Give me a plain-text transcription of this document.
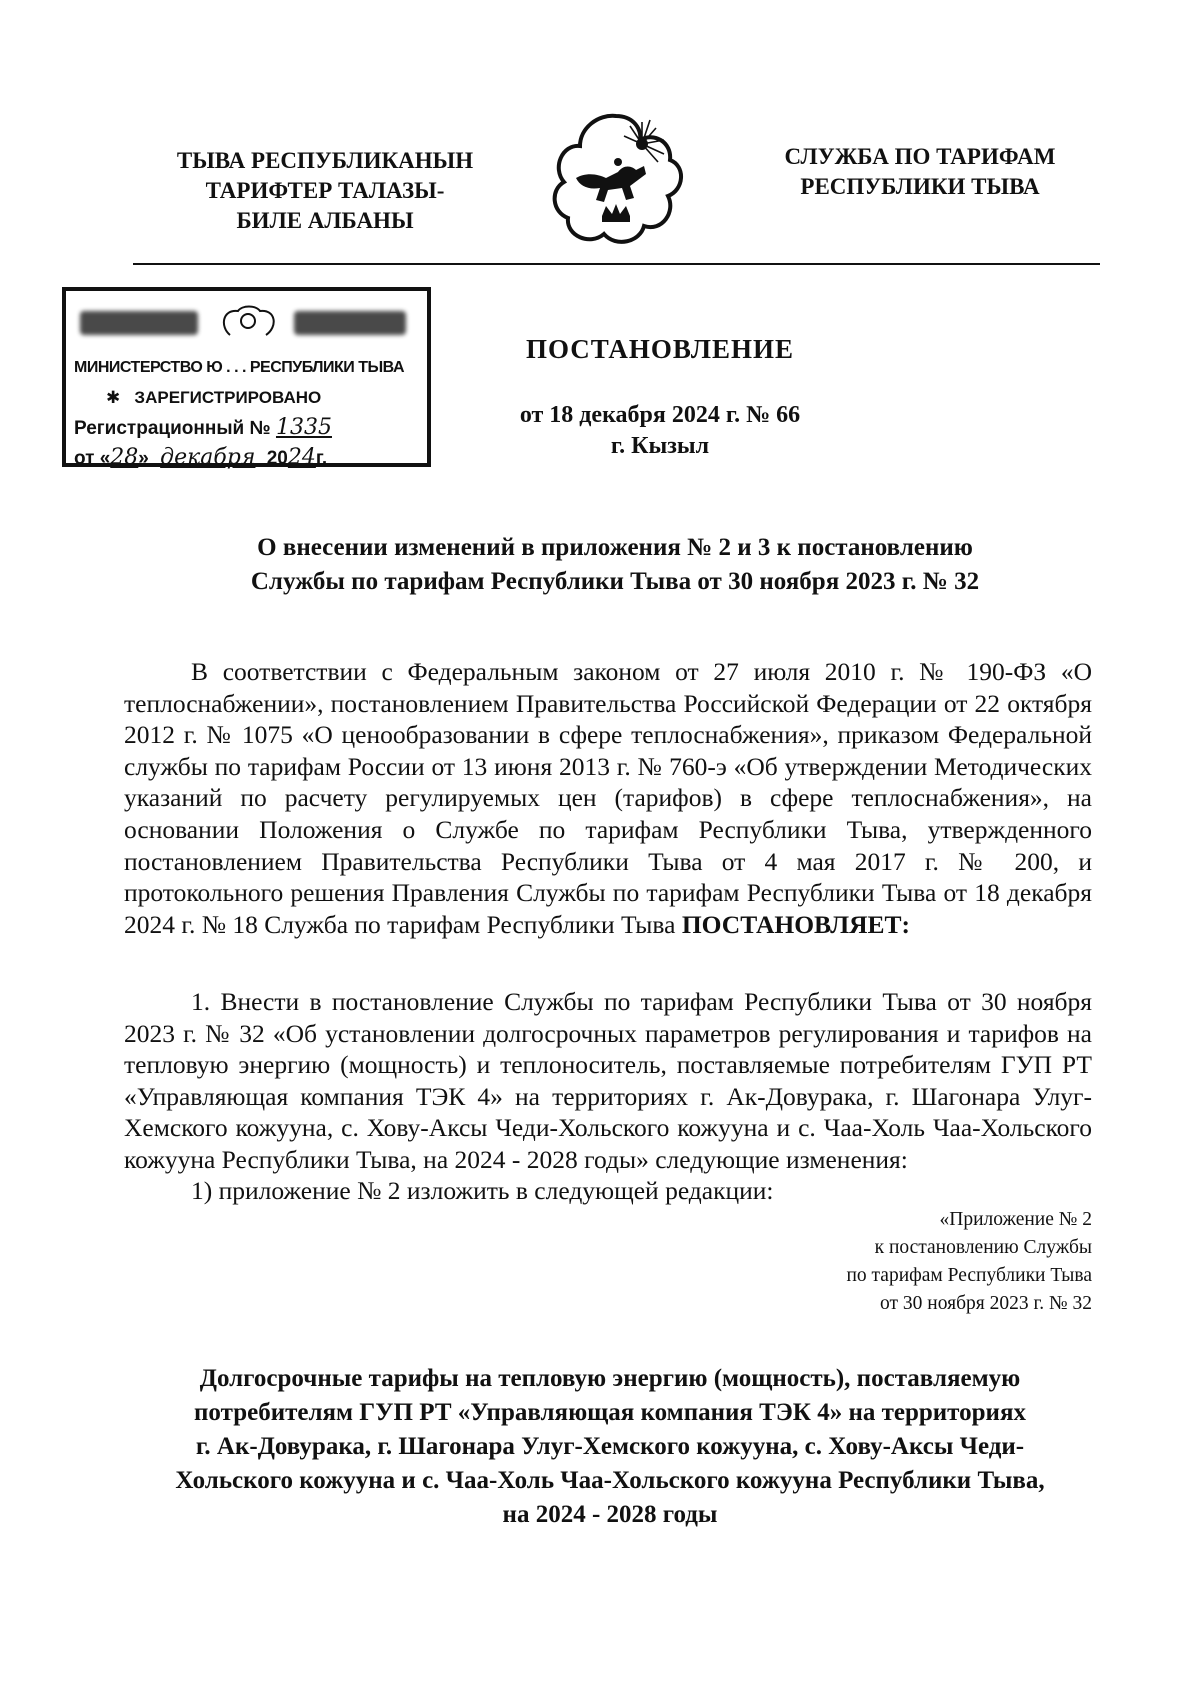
ТЫВА РЕСПУБЛИКАНЫН
ТАРИФТЕР ТАЛАЗЫ-
БИЛЕ АЛБАНЫ
СЛУЖБА ПО ТАРИФАМ
РЕСПУБЛИКИ ТЫВА
МИНИСТЕРСТВО Ю . . . РЕСПУБЛИКИ ТЫВА
✱   ЗАРЕГИСТРИРОВАНО
Регистрационный № 1335
от «28» декабря 2024г.
ПОСТАНОВЛЕНИЕ
от 18 декабря 2024 г. № 66
г. Кызыл
О внесении изменений в приложения № 2 и 3 к постановлению
Службы по тарифам Республики Тыва от 30 ноября 2023 г. № 32
В соответствии с Федеральным законом от 27 июля 2010 г. № 190-ФЗ «О теплоснабжении», постановлением Правительства Российской Федерации от 22 октября 2012 г. № 1075 «О ценообразовании в сфере теплоснабжения», приказом Федеральной службы по тарифам России от 13 июня 2013 г. № 760-э «Об утверждении Методических указаний по расчету регулируемых цен (тарифов) в сфере теплоснабжения», на основании Положения о Службе по тарифам Республики Тыва, утвержденного постановлением Правительства Республики Тыва от 4 мая 2017 г. № 200, и протокольного решения Правления Службы по тарифам Республики Тыва от 18 декабря 2024 г. № 18 Служба по тарифам Республики Тыва ПОСТАНОВЛЯЕТ:
1. Внести в постановление Службы по тарифам Республики Тыва от 30 ноября 2023 г. № 32 «Об установлении долгосрочных параметров регулирования и тарифов на тепловую энергию (мощность) и теплоноситель, поставляемые потребителям ГУП РТ «Управляющая компания ТЭК 4» на территориях г. Ак-Довурака, г. Шагонара Улуг-Хемского кожууна, с. Хову-Аксы Чеди-Хольского кожууна и с. Чаа-Холь Чаа-Хольского кожууна Республики Тыва, на 2024 - 2028 годы» следующие изменения:
1) приложение № 2 изложить в следующей редакции:
«Приложение № 2
к постановлению Службы
по тарифам Республики Тыва
от 30 ноября 2023 г. № 32
Долгосрочные тарифы на тепловую энергию (мощность), поставляемую
потребителям ГУП РТ «Управляющая компания ТЭК 4» на территориях
г. Ак-Довурака, г. Шагонара Улуг-Хемского кожууна, с. Хову-Аксы Чеди-
Хольского кожууна и с. Чаа-Холь Чаа-Хольского кожууна Республики Тыва,
на 2024 - 2028 годы
